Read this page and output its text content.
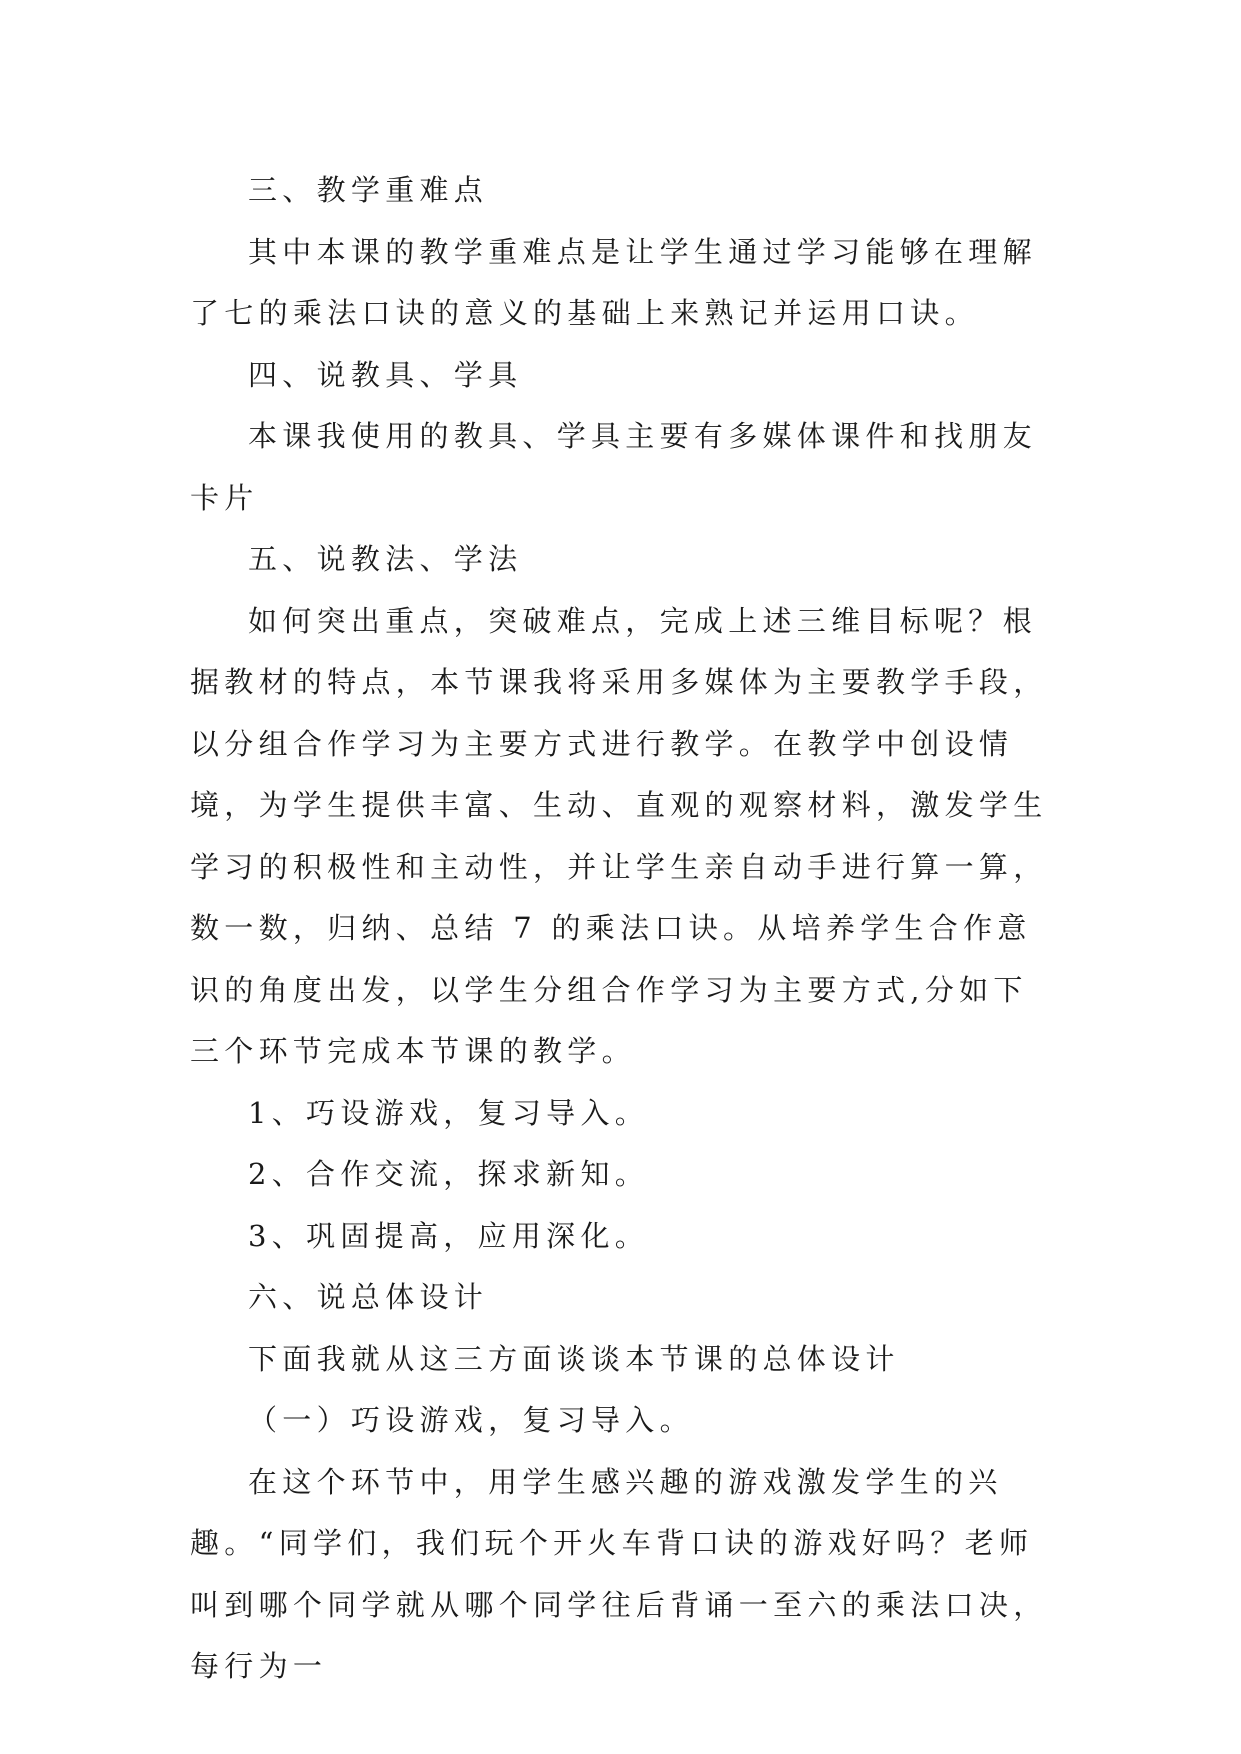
三、教学重难点

其中本课的教学重难点是让学生通过学习能够在理解了七的乘法口诀的意义的基础上来熟记并运用口诀。

四、说教具、学具

本课我使用的教具、学具主要有多媒体课件和找朋友卡片

五、说教法、学法

如何突出重点，突破难点，完成上述三维目标呢？根据教材的特点，本节课我将采用多媒体为主要教学手段，以分组合作学习为主要方式进行教学。在教学中创设情境，为学生提供丰富、生动、直观的观察材料，激发学生学习的积极性和主动性，并让学生亲自动手进行算一算，数一数，归纳、总结 7 的乘法口诀。从培养学生合作意识的角度出发，以学生分组合作学习为主要方式,分如下三个环节完成本节课的教学。

1、巧设游戏，复习导入。

2、合作交流，探求新知。

3、巩固提高，应用深化。

六、说总体设计

下面我就从这三方面谈谈本节课的总体设计

（一）巧设游戏，复习导入。

在这个环节中，用学生感兴趣的游戏激发学生的兴趣。“同学们，我们玩个开火车背口诀的游戏好吗？老师叫到哪个同学就从哪个同学往后背诵一至六的乘法口决，每行为一
